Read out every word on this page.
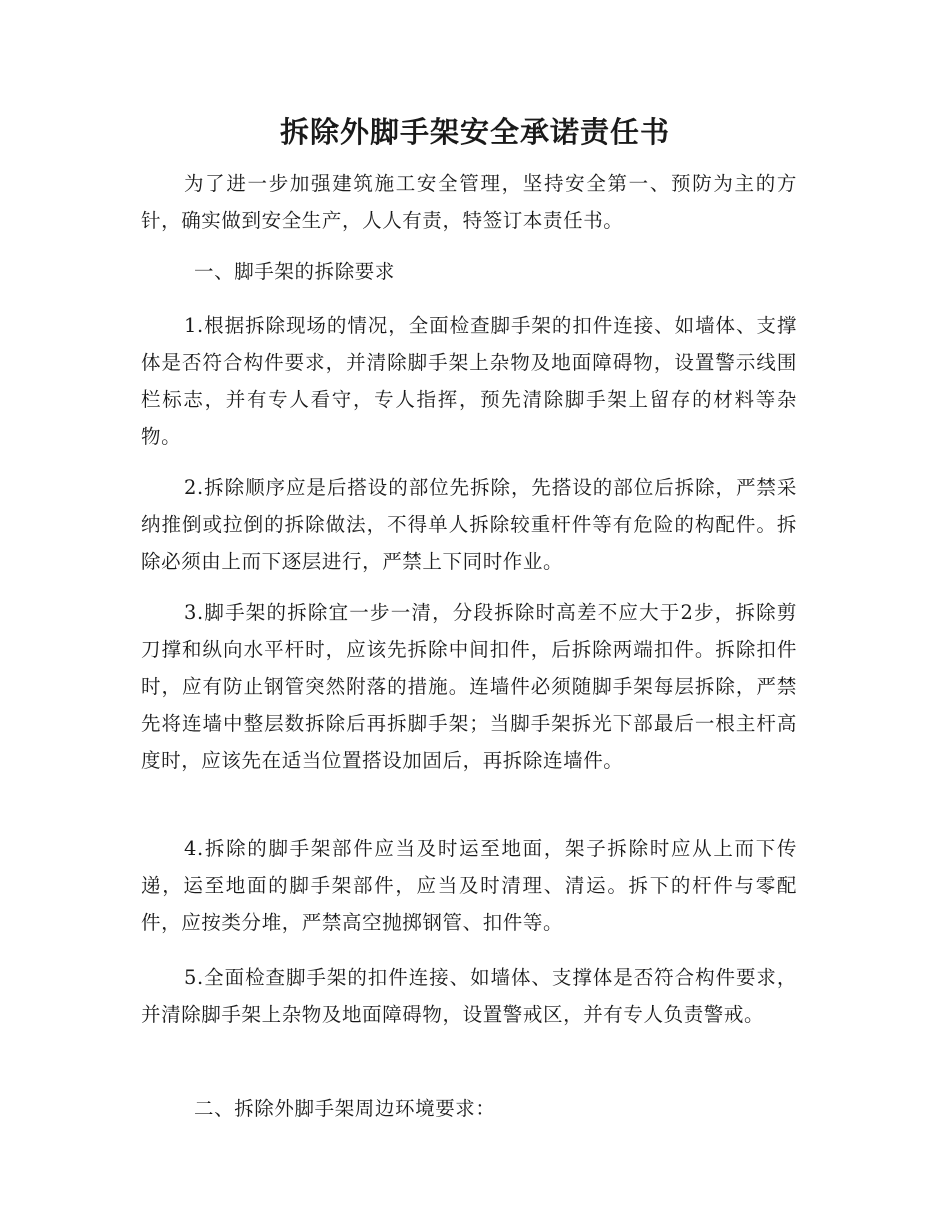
拆除外脚手架安全承诺责任书

为了进一步加强建筑施工安全管理，坚持安全第一、预防为主的方针，确实做到安全生产，人人有责，特签订本责任书。

一、脚手架的拆除要求

1.根据拆除现场的情况，全面检查脚手架的扣件连接、如墙体、支撑体是否符合构件要求，并清除脚手架上杂物及地面障碍物，设置警示线围栏标志，并有专人看守，专人指挥，预先清除脚手架上留存的材料等杂物。

2.拆除顺序应是后搭设的部位先拆除，先搭设的部位后拆除，严禁采纳推倒或拉倒的拆除做法，不得单人拆除较重杆件等有危险的构配件。拆除必须由上而下逐层进行，严禁上下同时作业。

3.脚手架的拆除宜一步一清，分段拆除时高差不应大于2步，拆除剪刀撑和纵向水平杆时，应该先拆除中间扣件，后拆除两端扣件。拆除扣件时，应有防止钢管突然附落的措施。连墙件必须随脚手架每层拆除，严禁先将连墙中整层数拆除后再拆脚手架；当脚手架拆光下部最后一根主杆高度时，应该先在适当位置搭设加固后，再拆除连墙件。

4.拆除的脚手架部件应当及时运至地面，架子拆除时应从上而下传递，运至地面的脚手架部件，应当及时清理、清运。拆下的杆件与零配件，应按类分堆，严禁高空抛掷钢管、扣件等。

5.全面检查脚手架的扣件连接、如墙体、支撑体是否符合构件要求，并清除脚手架上杂物及地面障碍物，设置警戒区，并有专人负责警戒。

二、拆除外脚手架周边环境要求：
